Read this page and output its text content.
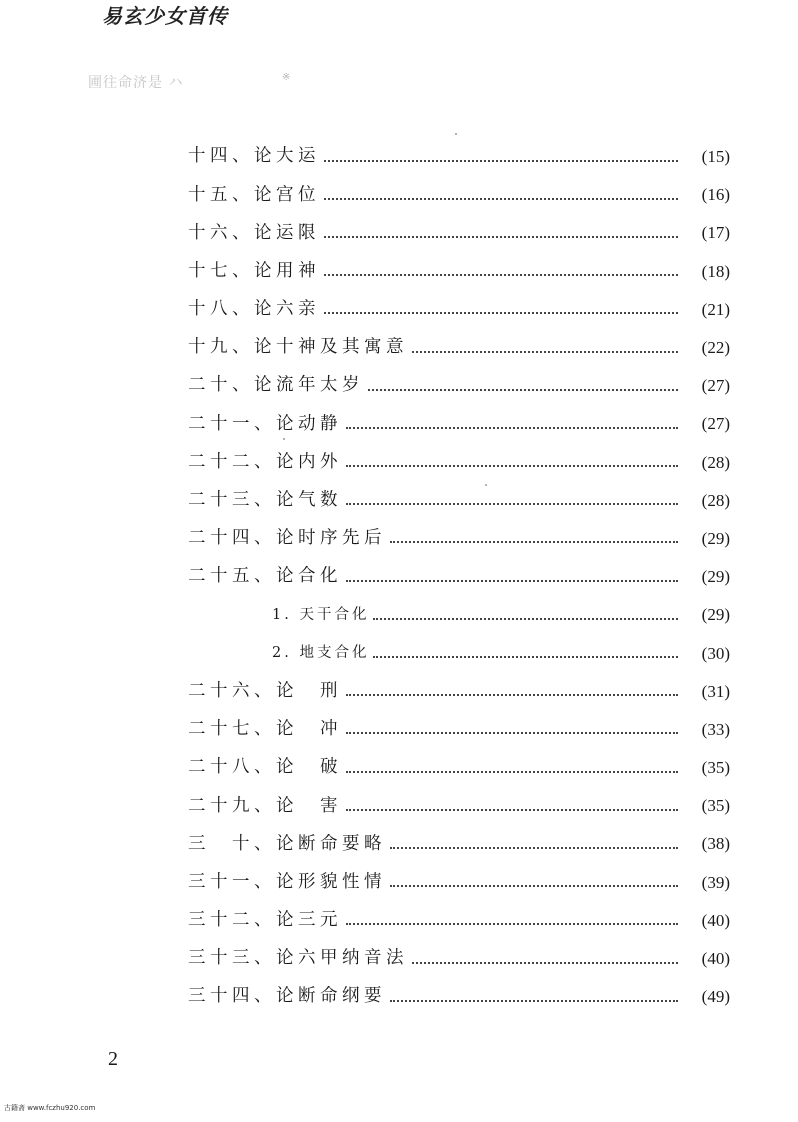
易玄少女首传
圃往命济是 ハ	※
十四、论大运	(15)
十五、论宫位	(16)
十六、论运限	(17)
十七、论用神	(18)
十八、论六亲	(21)
十九、论十神及其寓意	(22)
二十、论流年太岁	(27)
二十一、论动静	(27)
二十二、论内外	(28)
二十三、论气数	(28)
二十四、论时序先后	(29)
二十五、论合化	(29)
1. 天干合化	(29)
2. 地支合化	(30)
二十六、论　刑	(31)
二十七、论　冲	(33)
二十八、论　破	(35)
二十九、论　害	(35)
三　十、论断命要略	(38)
三十一、论形貌性情	(39)
三十二、论三元	(40)
三十三、论六甲纳音法	(40)
三十四、论断命纲要	(49)
2
古籍斋 www.fczhu920.com
